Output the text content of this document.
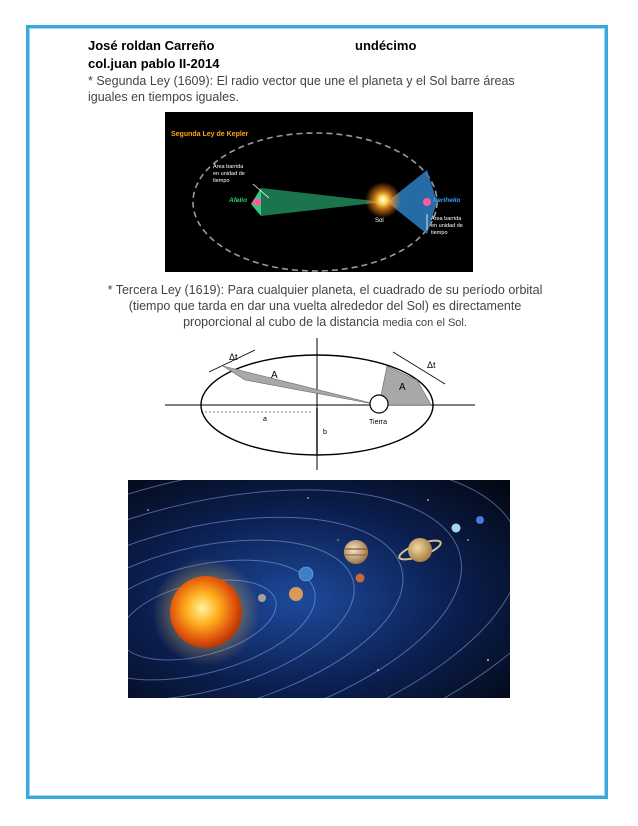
José roldan Carreño	undécimo
col.juan pablo II-2014
* Segunda Ley (1609): El radio vector que une el planeta y el Sol barre áreas
iguales en tiempos iguales.
Segunda Ley de Kepler
Área barrida
en unidad de
tiempo
Afelio
Sol
Perihelio
Área barrida
en unidad de
tiempo
* Tercera Ley (1619): Para cualquier planeta, el cuadrado de su período orbital
(tiempo que tarda en dar una vuelta alrededor del Sol) es directamente
proporcional al cubo de la distancia media con el Sol.
Δt
Δt
A
A
a
b
Tierra
